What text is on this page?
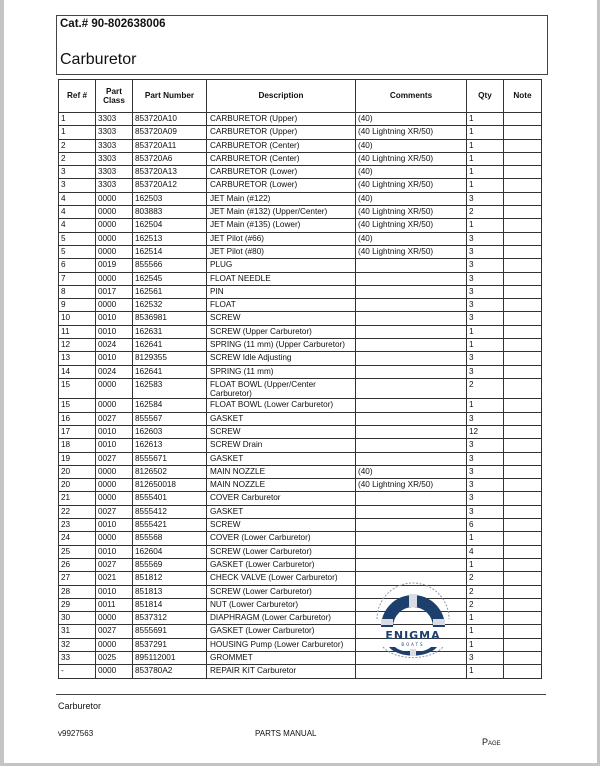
Cat.# 90-802638006
Carburetor
Ref #	Part Class	Part Number	Description	Comments	Qty	Note
1	3303	853720A10	CARBURETOR (Upper)	(40)	1	
1	3303	853720A09	CARBURETOR (Upper)	(40 Lightning XR/50)	1	
2	3303	853720A11	CARBURETOR (Center)	(40)	1	
2	3303	853720A6	CARBURETOR (Center)	(40 Lightning XR/50)	1	
3	3303	853720A13	CARBURETOR (Lower)	(40)	1	
3	3303	853720A12	CARBURETOR (Lower)	(40 Lightning XR/50)	1	
4	0000	162503	JET Main (#122)	(40)	3	
4	0000	803883	JET Main (#132) (Upper/Center)	(40 Lightning XR/50)	2	
4	0000	162504	JET Main (#135) (Lower)	(40 Lightning XR/50)	1	
5	0000	162513	JET Pilot (#66)	(40)	3	
5	0000	162514	JET Pilot (#80)	(40 Lightning XR/50)	3	
6	0019	855566	PLUG		3	
7	0000	162545	FLOAT NEEDLE		3	
8	0017	162561	PIN		3	
9	0000	162532	FLOAT		3	
10	0010	8536981	SCREW		3	
11	0010	162631	SCREW (Upper Carburetor)		1	
12	0024	162641	SPRING (11 mm) (Upper Carburetor)		1	
13	0010	8129355	SCREW Idle Adjusting		3	
14	0024	162641	SPRING (11 mm)		3	
15	0000	162583	FLOAT BOWL (Upper/Center Carburetor)		2	
15	0000	162584	FLOAT BOWL (Lower Carburetor)		1	
16	0027	855567	GASKET		3	
17	0010	162603	SCREW		12	
18	0010	162613	SCREW Drain		3	
19	0027	8555671	GASKET		3	
20	0000	8126502	MAIN NOZZLE	(40)	3	
20	0000	812650018	MAIN NOZZLE	(40 Lightning XR/50)	3	
21	0000	8555401	COVER Carburetor		3	
22	0027	8555412	GASKET		3	
23	0010	8555421	SCREW		6	
24	0000	855568	COVER (Lower Carburetor)		1	
25	0010	162604	SCREW (Lower Carburetor)		4	
26	0027	855569	GASKET (Lower Carburetor)		1	
27	0021	851812	CHECK VALVE (Lower Carburetor)		2	
28	0010	851813	SCREW (Lower Carburetor)		2	
29	0011	851814	NUT (Lower Carburetor)		2	
30	0000	8537312	DIAPHRAGM (Lower Carburetor)		1	
31	0027	8555691	GASKET (Lower Carburetor)		1	
32	0000	8537291	HOUSING Pump (Lower Carburetor)		1	
33	0025	895112001	GROMMET		3	
-	0000	853780A2	REPAIR KIT Carburetor		1	
ENIGMA
BOATS
Carburetor
v9927563	PARTS MANUAL
Page
